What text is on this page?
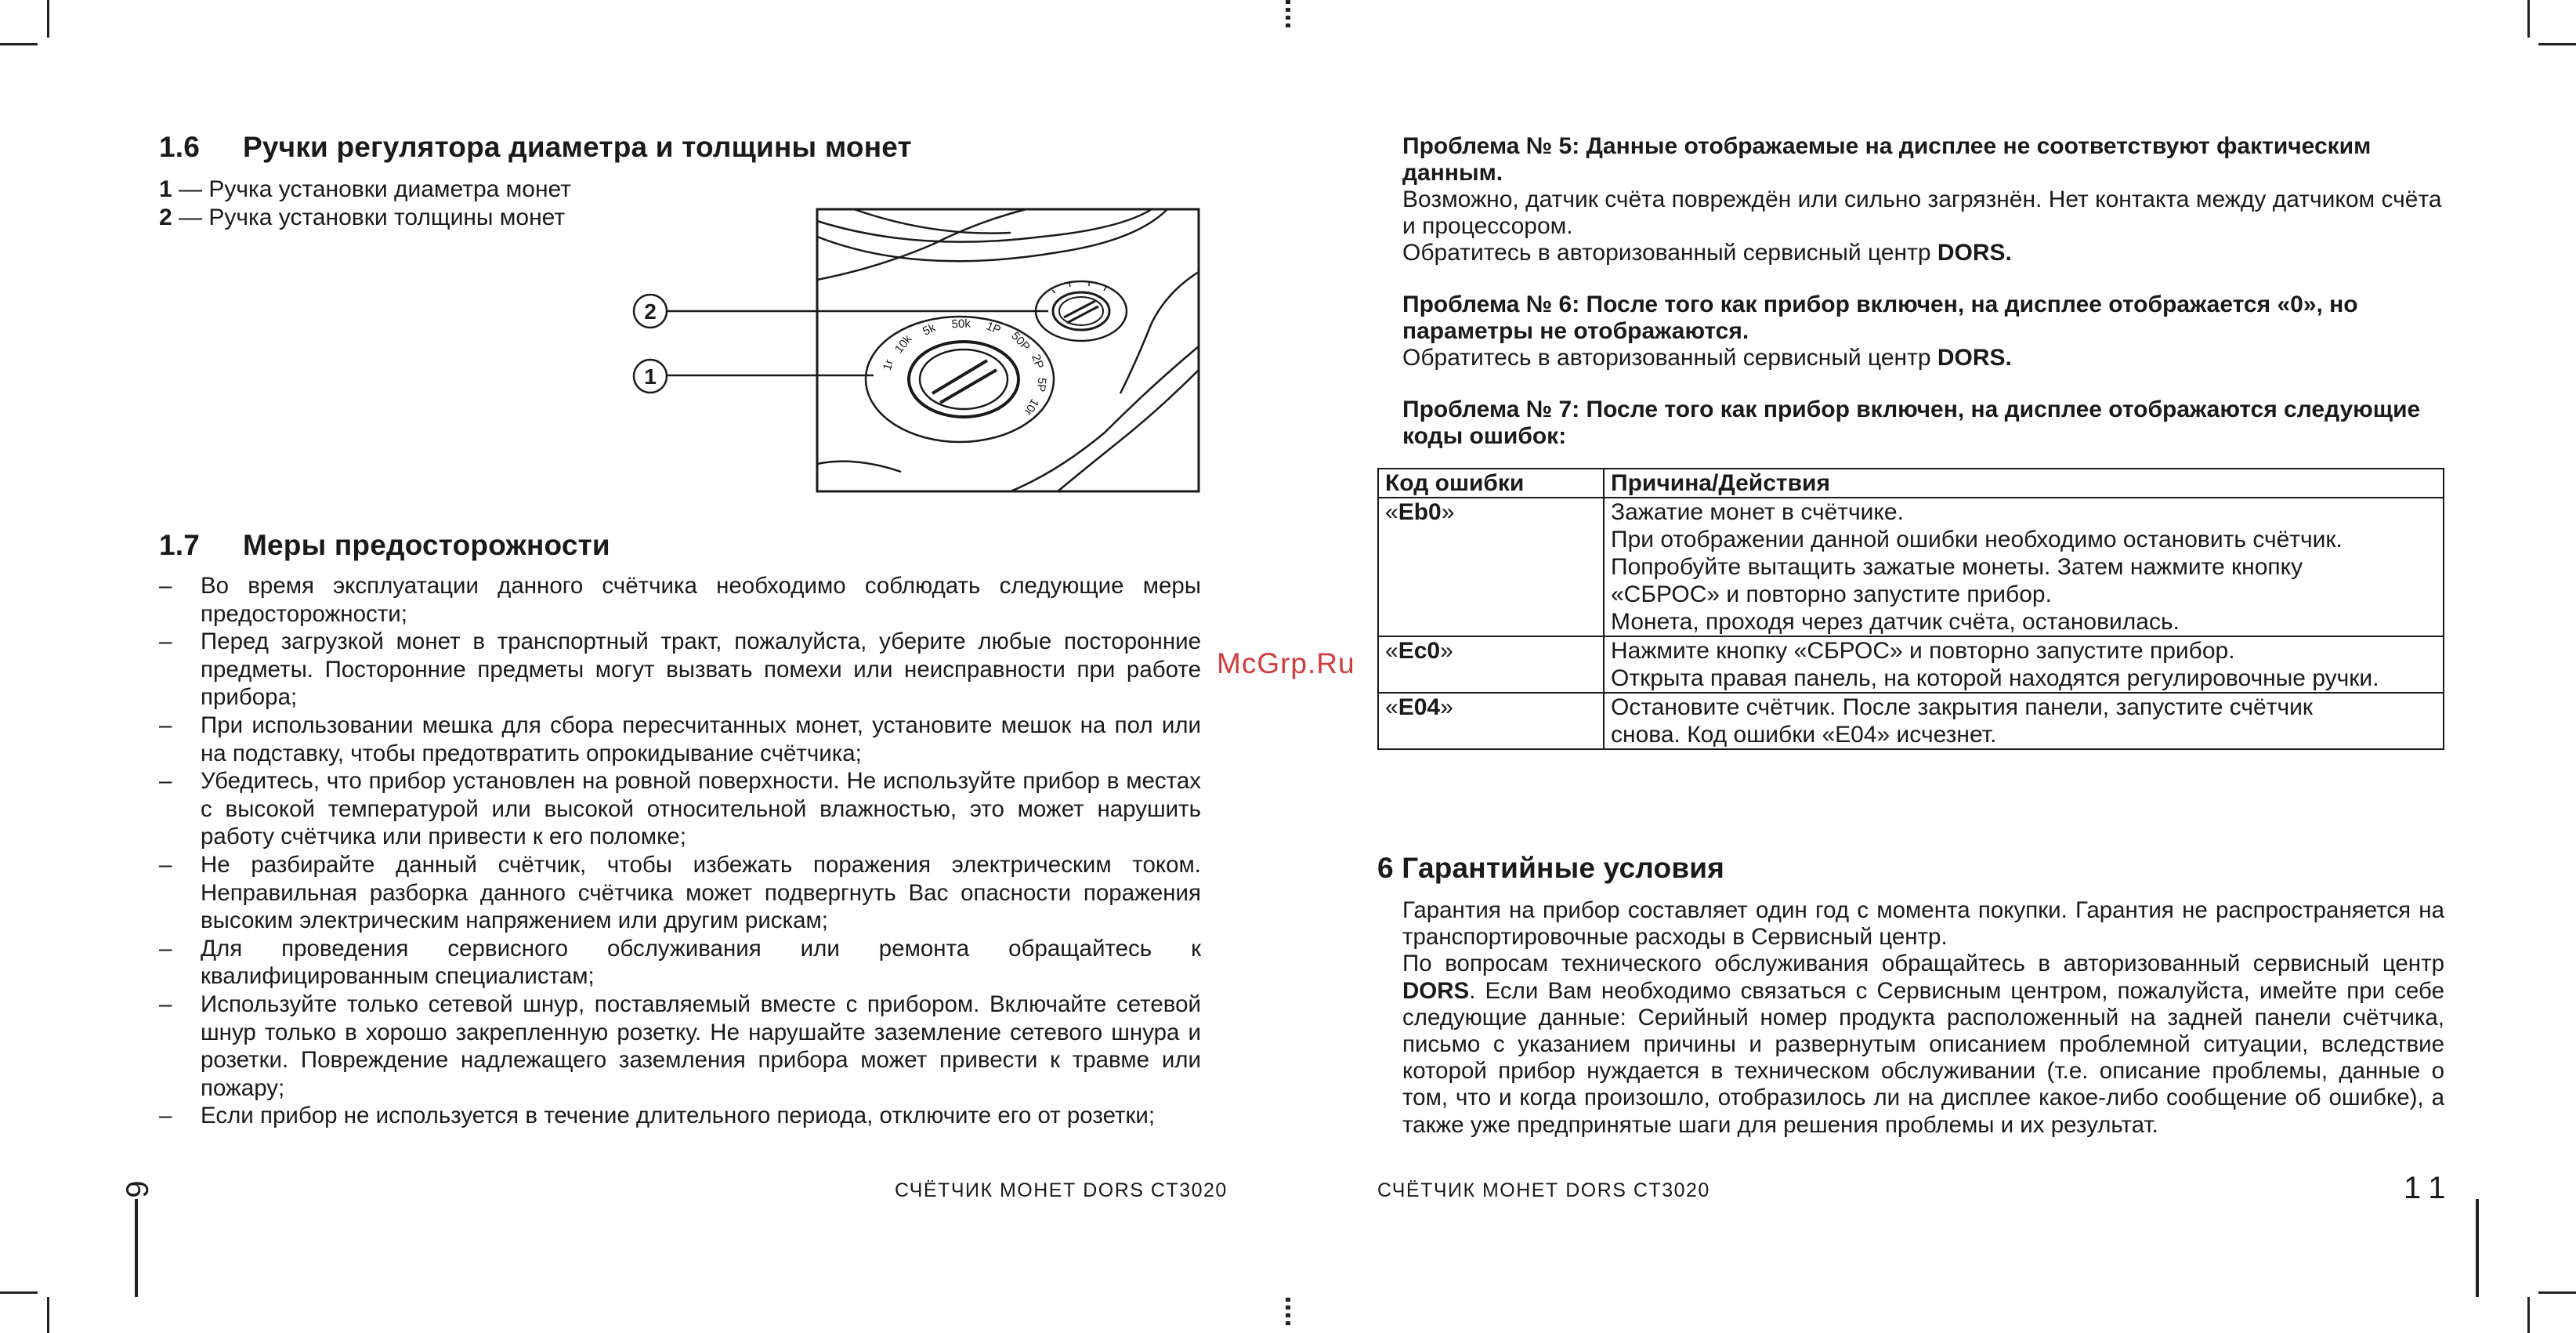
1.6 Ручки регулятора диаметра и толщины монет
1 — Ручка установки диаметра монет
2 — Ручка установки толщины монет
1r
10k
5k 50k 1P
50P
2P
5P
10r
2
1
1.7 Меры предосторожности
– Во время эксплуатации данного счётчика необходимо соблюдать следующие меры предосторожности;
– Перед загрузкой монет в транспортный тракт, пожалуйста, уберите любые посторонние предметы. Посторонние предметы могут вызвать помехи или неисправности при работе прибора;
– При использовании мешка для сбора пересчитанных монет, установите мешок на пол или на подставку, чтобы предотвратить опрокидывание счётчика;
– Убедитесь, что прибор установлен на ровной поверхности. Не используйте прибор в местах с высокой температурой или высокой относительной влажностью, это может нарушить работу счётчика или привести к его поломке;
– Не разбирайте данный счётчик, чтобы избежать поражения электрическим током. Неправильная разборка данного счётчика может подвергнуть Вас опасности поражения высоким электрическим напряжением или другим рискам;
– Для проведения сервисного обслуживания или ремонта обращайтесь к квалифицированным специалистам;
– Используйте только сетевой шнур, поставляемый вместе с прибором. Включайте сетевой шнур только в хорошо закрепленную розетку. Не нарушайте заземление сетевого шнура и розетки. Повреждение надлежащего заземления прибора может привести к травме или пожару;
– Если прибор не используется в течение длительного периода, отключите его от розетки;
6	СЧЁТЧИК МОНЕТ DORS CT3020
McGrp.Ru
Проблема № 5: Данные отображаемые на дисплее не соответствуют фактическим данным.
Возможно, датчик счёта повреждён или сильно загрязнён. Нет контакта между датчиком счёта и процессором.
Обратитесь в авторизованный сервисный центр DORS.
Проблема № 6: После того как прибор включен, на дисплее отображается «0», но параметры не отображаются.
Обратитесь в авторизованный сервисный центр DORS.
Проблема № 7: После того как прибор включен, на дисплее отображаются следующие коды ошибок:
Код ошибки	Причина/Действия
«Eb0»	Зажатие монет в счётчике.
При отображении данной ошибки необходимо остановить счётчик.
Попробуйте вытащить зажатые монеты. Затем нажмите кнопку
«СБРОС» и повторно запустите прибор.
Монета, проходя через датчик счёта, остановилась.

«Ec0»	Нажмите кнопку «СБРОС» и повторно запустите прибор.
Открыта правая панель, на которой находятся регулировочные ручки.

«E04»	Остановите счётчик. После закрытия панели, запустите счётчик
снова. Код ошибки «E04» исчезнет.
6 Гарантийные условия
Гарантия на прибор составляет один год с момента покупки. Гарантия не распространяется на транспортировочные расходы в Сервисный центр.
По вопросам технического обслуживания обращайтесь в авторизованный сервисный центр DORS. Если Вам необходимо связаться с Сервисным центром, пожалуйста, имейте при себе следующие данные: Серийный номер продукта расположенный на задней панели счётчика, письмо с указанием причины и развернутым описанием проблемной ситуации, вследствие которой прибор нуждается в техническом обслуживании (т.е. описание проблемы, данные о том, что и когда произошло, отобразилось ли на дисплее какое-либо сообщение об ошибке), а также уже предпринятые шаги для решения проблемы и их результат.
СЧЁТЧИК МОНЕТ DORS CT3020	11
